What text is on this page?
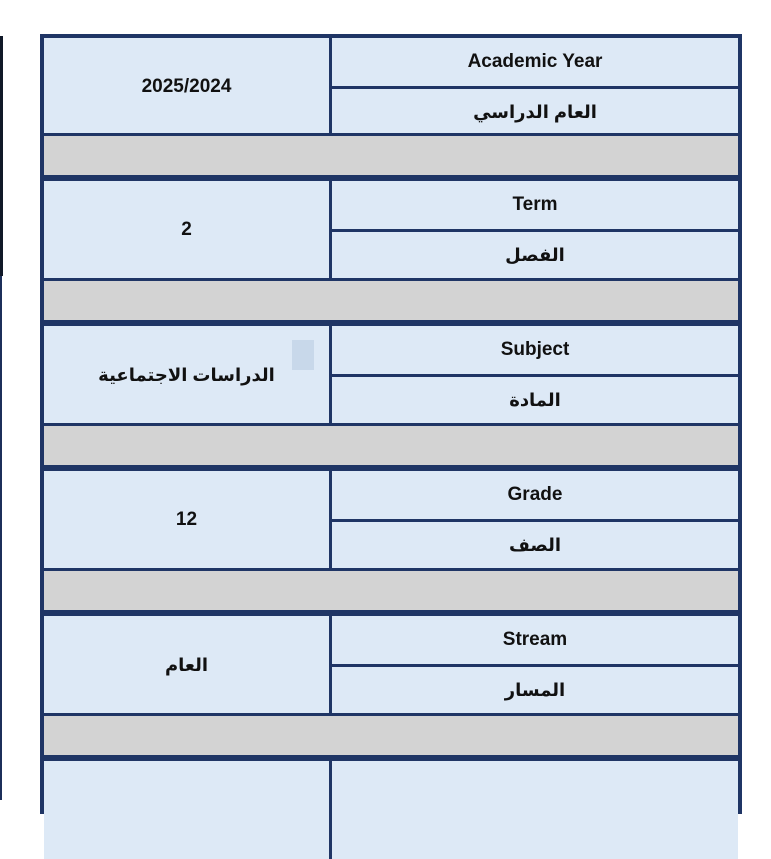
2025/2024
Academic Year
العام الدراسي
2
Term
الفصل
الدراسات الاجتماعية
Subject
المادة
12
Grade
الصف
العام
Stream
المسار
